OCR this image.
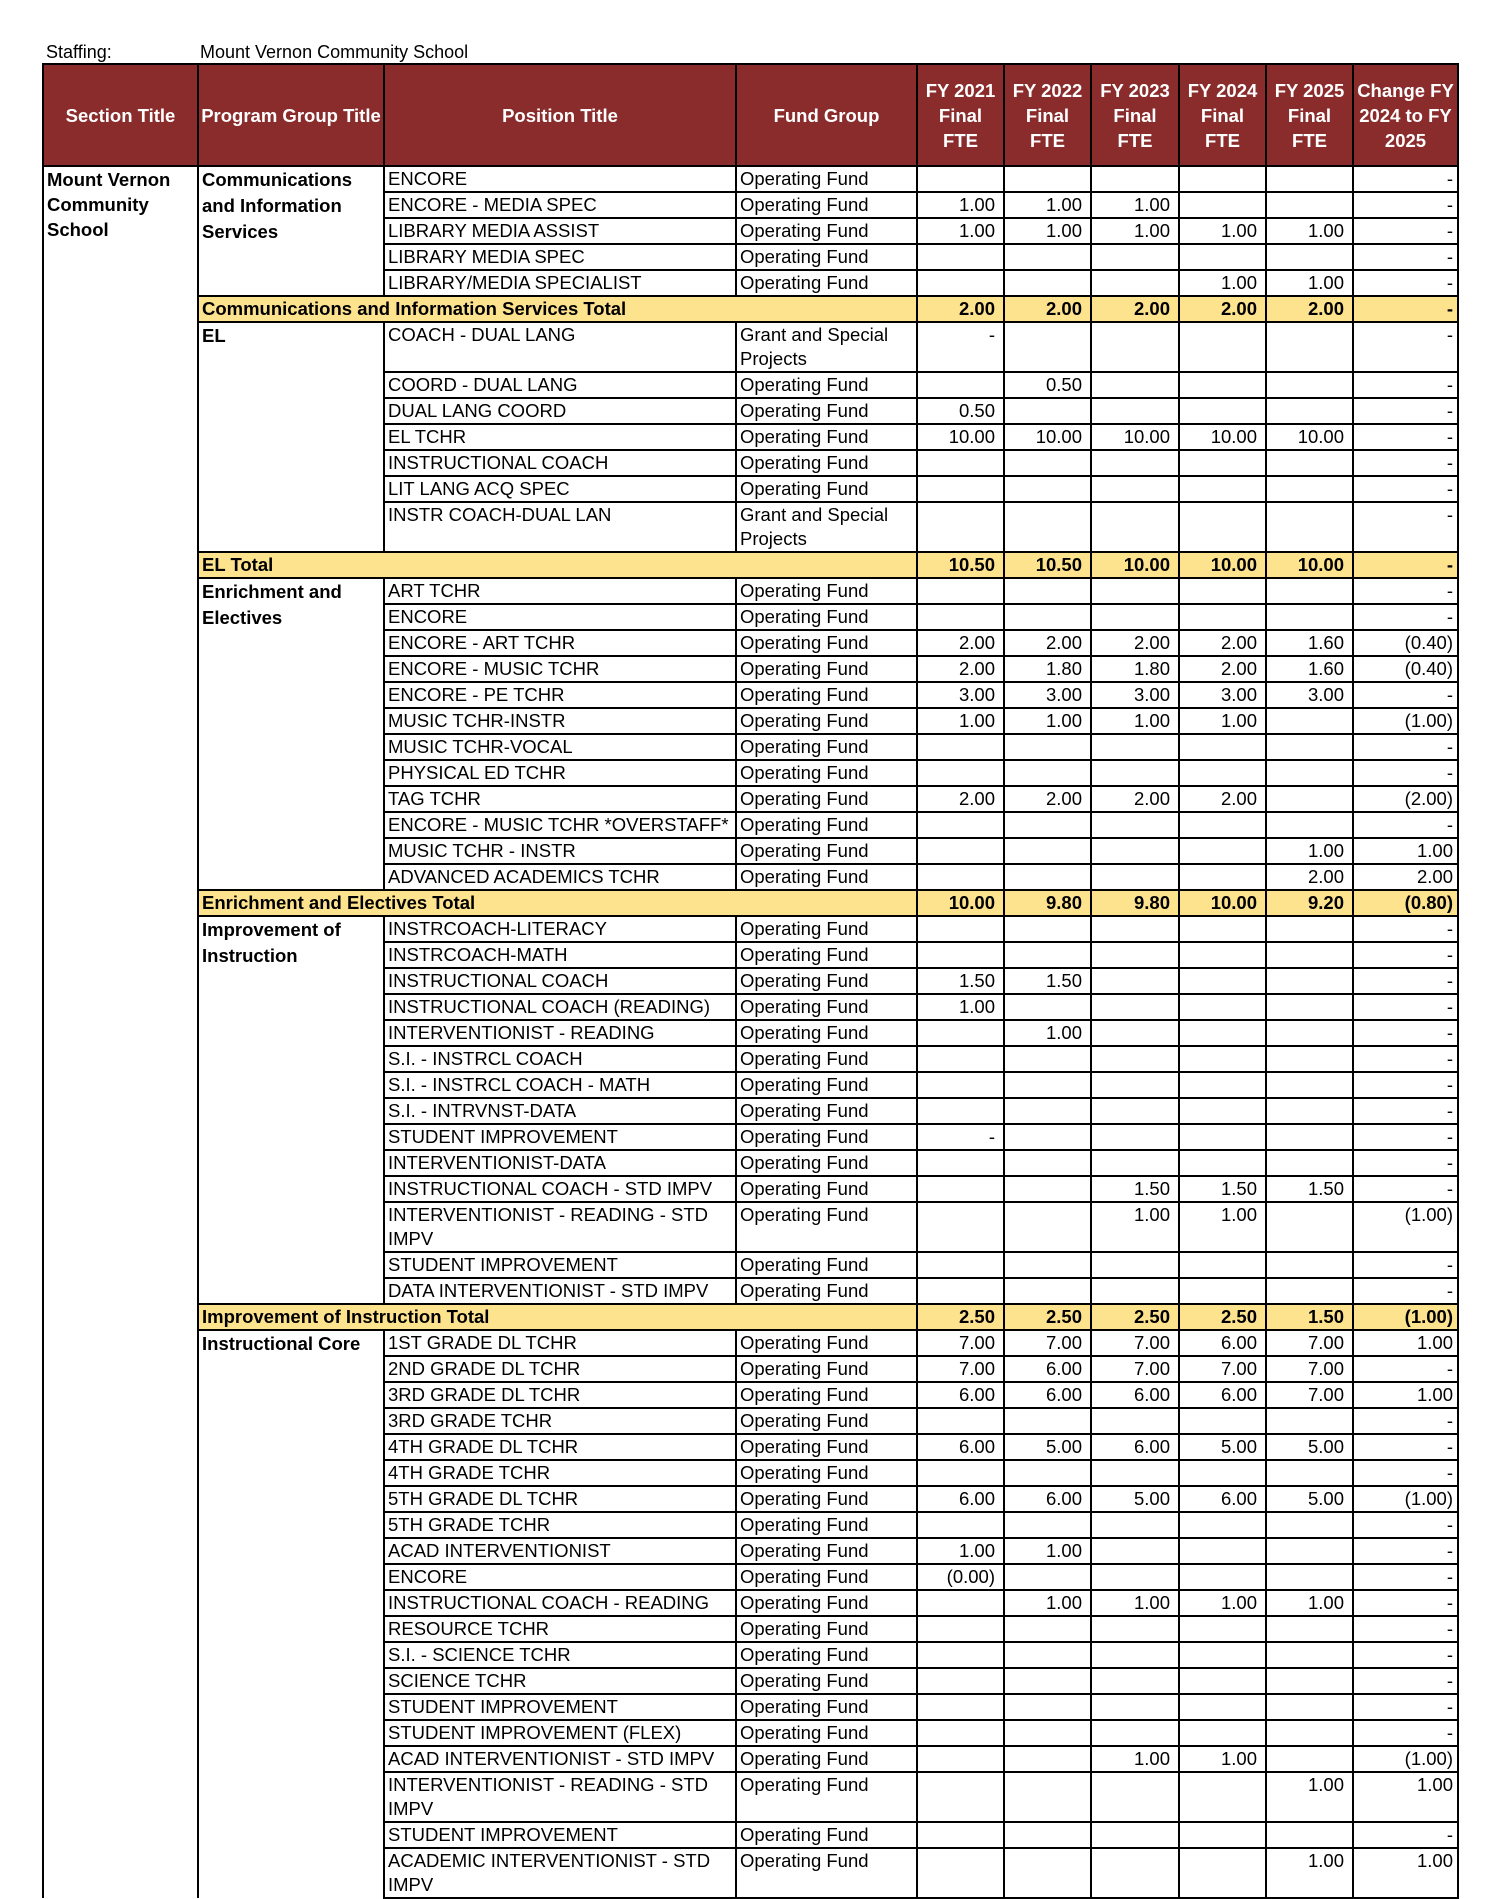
Staffing:	Mount Vernon Community School
Section Title	Program Group Title	Position Title	Fund Group	FY 2021 Final FTE	FY 2022 Final FTE	FY 2023 Final FTE	FY 2024 Final FTE	FY 2025 Final FTE	Change FY 2024 to FY 2025
Mount Vernon Community School	Communications and Information Services	ENCORE	Operating Fund						-
		ENCORE - MEDIA SPEC	Operating Fund	1.00	1.00	1.00			-
		LIBRARY MEDIA ASSIST	Operating Fund	1.00	1.00	1.00	1.00	1.00	-
		LIBRARY MEDIA SPEC	Operating Fund						-
		LIBRARY/MEDIA SPECIALIST	Operating Fund				1.00	1.00	-
	Communications and Information Services Total			2.00	2.00	2.00	2.00	2.00	-
	EL	COACH - DUAL LANG	Grant and Special Projects	-					-
		COORD - DUAL LANG	Operating Fund		0.50				-
		DUAL LANG COORD	Operating Fund	0.50					-
		EL TCHR	Operating Fund	10.00	10.00	10.00	10.00	10.00	-
		INSTRUCTIONAL COACH	Operating Fund						-
		LIT LANG ACQ SPEC	Operating Fund						-
		INSTR COACH-DUAL LAN	Grant and Special Projects						-
	EL Total			10.50	10.50	10.00	10.00	10.00	-
	Enrichment and Electives	ART TCHR	Operating Fund						-
		ENCORE	Operating Fund						-
		ENCORE - ART TCHR	Operating Fund	2.00	2.00	2.00	2.00	1.60	(0.40)
		ENCORE - MUSIC TCHR	Operating Fund	2.00	1.80	1.80	2.00	1.60	(0.40)
		ENCORE - PE TCHR	Operating Fund	3.00	3.00	3.00	3.00	3.00	-
		MUSIC TCHR-INSTR	Operating Fund	1.00	1.00	1.00	1.00		(1.00)
		MUSIC TCHR-VOCAL	Operating Fund						-
		PHYSICAL ED TCHR	Operating Fund						-
		TAG TCHR	Operating Fund	2.00	2.00	2.00	2.00		(2.00)
		ENCORE - MUSIC TCHR *OVERSTAFF*	Operating Fund						-
		MUSIC TCHR - INSTR	Operating Fund					1.00	1.00
		ADVANCED ACADEMICS TCHR	Operating Fund					2.00	2.00
	Enrichment and Electives Total			10.00	9.80	9.80	10.00	9.20	(0.80)
	Improvement of Instruction	INSTRCOACH-LITERACY	Operating Fund						-
		INSTRCOACH-MATH	Operating Fund						-
		INSTRUCTIONAL COACH	Operating Fund	1.50	1.50				-
		INSTRUCTIONAL COACH (READING)	Operating Fund	1.00					-
		INTERVENTIONIST - READING	Operating Fund		1.00				-
		S.I. - INSTRCL COACH	Operating Fund						-
		S.I. - INSTRCL COACH - MATH	Operating Fund						-
		S.I. - INTRVNST-DATA	Operating Fund						-
		STUDENT IMPROVEMENT	Operating Fund	-					-
		INTERVENTIONIST-DATA	Operating Fund						-
		INSTRUCTIONAL COACH - STD IMPV	Operating Fund			1.50	1.50	1.50	-
		INTERVENTIONIST - READING - STD IMPV	Operating Fund			1.00	1.00		(1.00)
		STUDENT IMPROVEMENT	Operating Fund						-
		DATA INTERVENTIONIST - STD IMPV	Operating Fund						-
	Improvement of Instruction Total			2.50	2.50	2.50	2.50	1.50	(1.00)
	Instructional Core	1ST GRADE DL TCHR	Operating Fund	7.00	7.00	7.00	6.00	7.00	1.00
		2ND GRADE DL TCHR	Operating Fund	7.00	6.00	7.00	7.00	7.00	-
		3RD GRADE DL TCHR	Operating Fund	6.00	6.00	6.00	6.00	7.00	1.00
		3RD GRADE TCHR	Operating Fund						-
		4TH GRADE DL TCHR	Operating Fund	6.00	5.00	6.00	5.00	5.00	-
		4TH GRADE TCHR	Operating Fund						-
		5TH GRADE DL TCHR	Operating Fund	6.00	6.00	5.00	6.00	5.00	(1.00)
		5TH GRADE TCHR	Operating Fund						-
		ACAD INTERVENTIONIST	Operating Fund	1.00	1.00				-
		ENCORE	Operating Fund	(0.00)					-
		INSTRUCTIONAL COACH - READING	Operating Fund		1.00	1.00	1.00	1.00	-
		RESOURCE TCHR	Operating Fund						-
		S.I. - SCIENCE TCHR	Operating Fund						-
		SCIENCE TCHR	Operating Fund						-
		STUDENT IMPROVEMENT	Operating Fund						-
		STUDENT IMPROVEMENT (FLEX)	Operating Fund						-
		ACAD INTERVENTIONIST - STD IMPV	Operating Fund			1.00	1.00		(1.00)
		INTERVENTIONIST - READING - STD IMPV	Operating Fund					1.00	1.00
		STUDENT IMPROVEMENT	Operating Fund						-
		ACADEMIC INTERVENTIONIST - STD IMPV	Operating Fund					1.00	1.00
